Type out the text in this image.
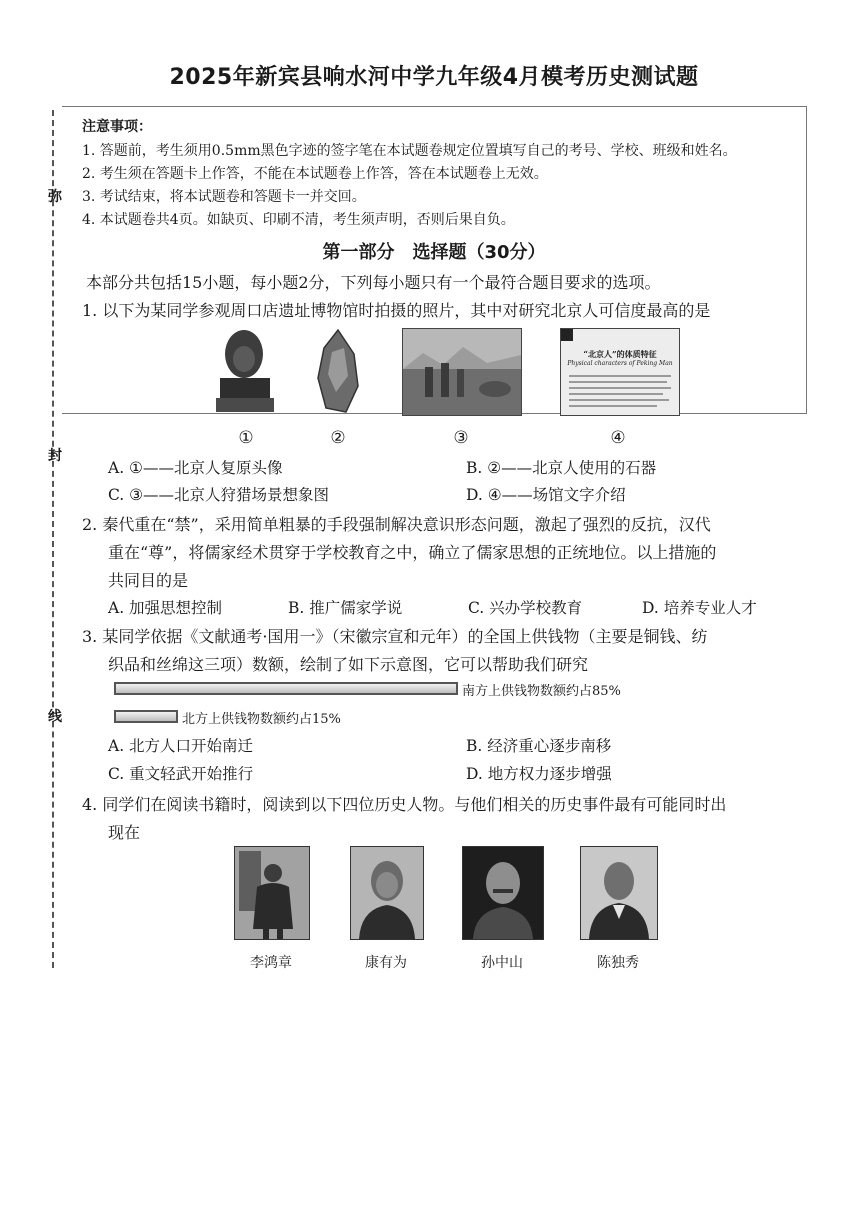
2025年新宾县响水河中学九年级4月模考历史测试题
弥
封
线
注意事项：
1. 答题前，考生须用0.5mm黑色字迹的签字笔在本试题卷规定位置填写自己的考号、学校、班级和姓名。
2. 考生须在答题卡上作答，不能在本试题卷上作答，答在本试题卷上无效。
3. 考试结束，将本试题卷和答题卡一并交回。
4. 本试题卷共4页。如缺页、印刷不清，考生须声明，否则后果自负。
第一部分　选择题（30分）
本部分共包括15小题，每小题2分，下列每小题只有一个最符合题目要求的选项。
1. 以下为某同学参观周口店遗址博物馆时拍摄的照片，其中对研究北京人可信度最高的是
“北京人”的体质特征
Physical characters of Peking Man
①	②	③	④
A. ①——北京人复原头像	B. ②——北京人使用的石器
C. ③——北京人狩猎场景想象图	D. ④——场馆文字介绍
2. 秦代重在“禁”，采用简单粗暴的手段强制解决意识形态问题，激起了强烈的反抗，汉代
重在“尊”，将儒家经术贯穿于学校教育之中，确立了儒家思想的正统地位。以上措施的
共同目的是
A. 加强思想控制	B. 推广儒家学说	C. 兴办学校教育	D. 培养专业人才
3. 某同学依据《文献通考·国用一》（宋徽宗宣和元年）的全国上供钱物（主要是铜钱、纺
织品和丝绵这三项）数额，绘制了如下示意图，它可以帮助我们研究
南方上供钱物数额约占85%
北方上供钱物数额约占15%
A. 北方人口开始南迁	B. 经济重心逐步南移
C. 重文轻武开始推行	D. 地方权力逐步增强
4. 同学们在阅读书籍时，阅读到以下四位历史人物。与他们相关的历史事件最有可能同时出
现在
李鸿章	康有为	孙中山	陈独秀
